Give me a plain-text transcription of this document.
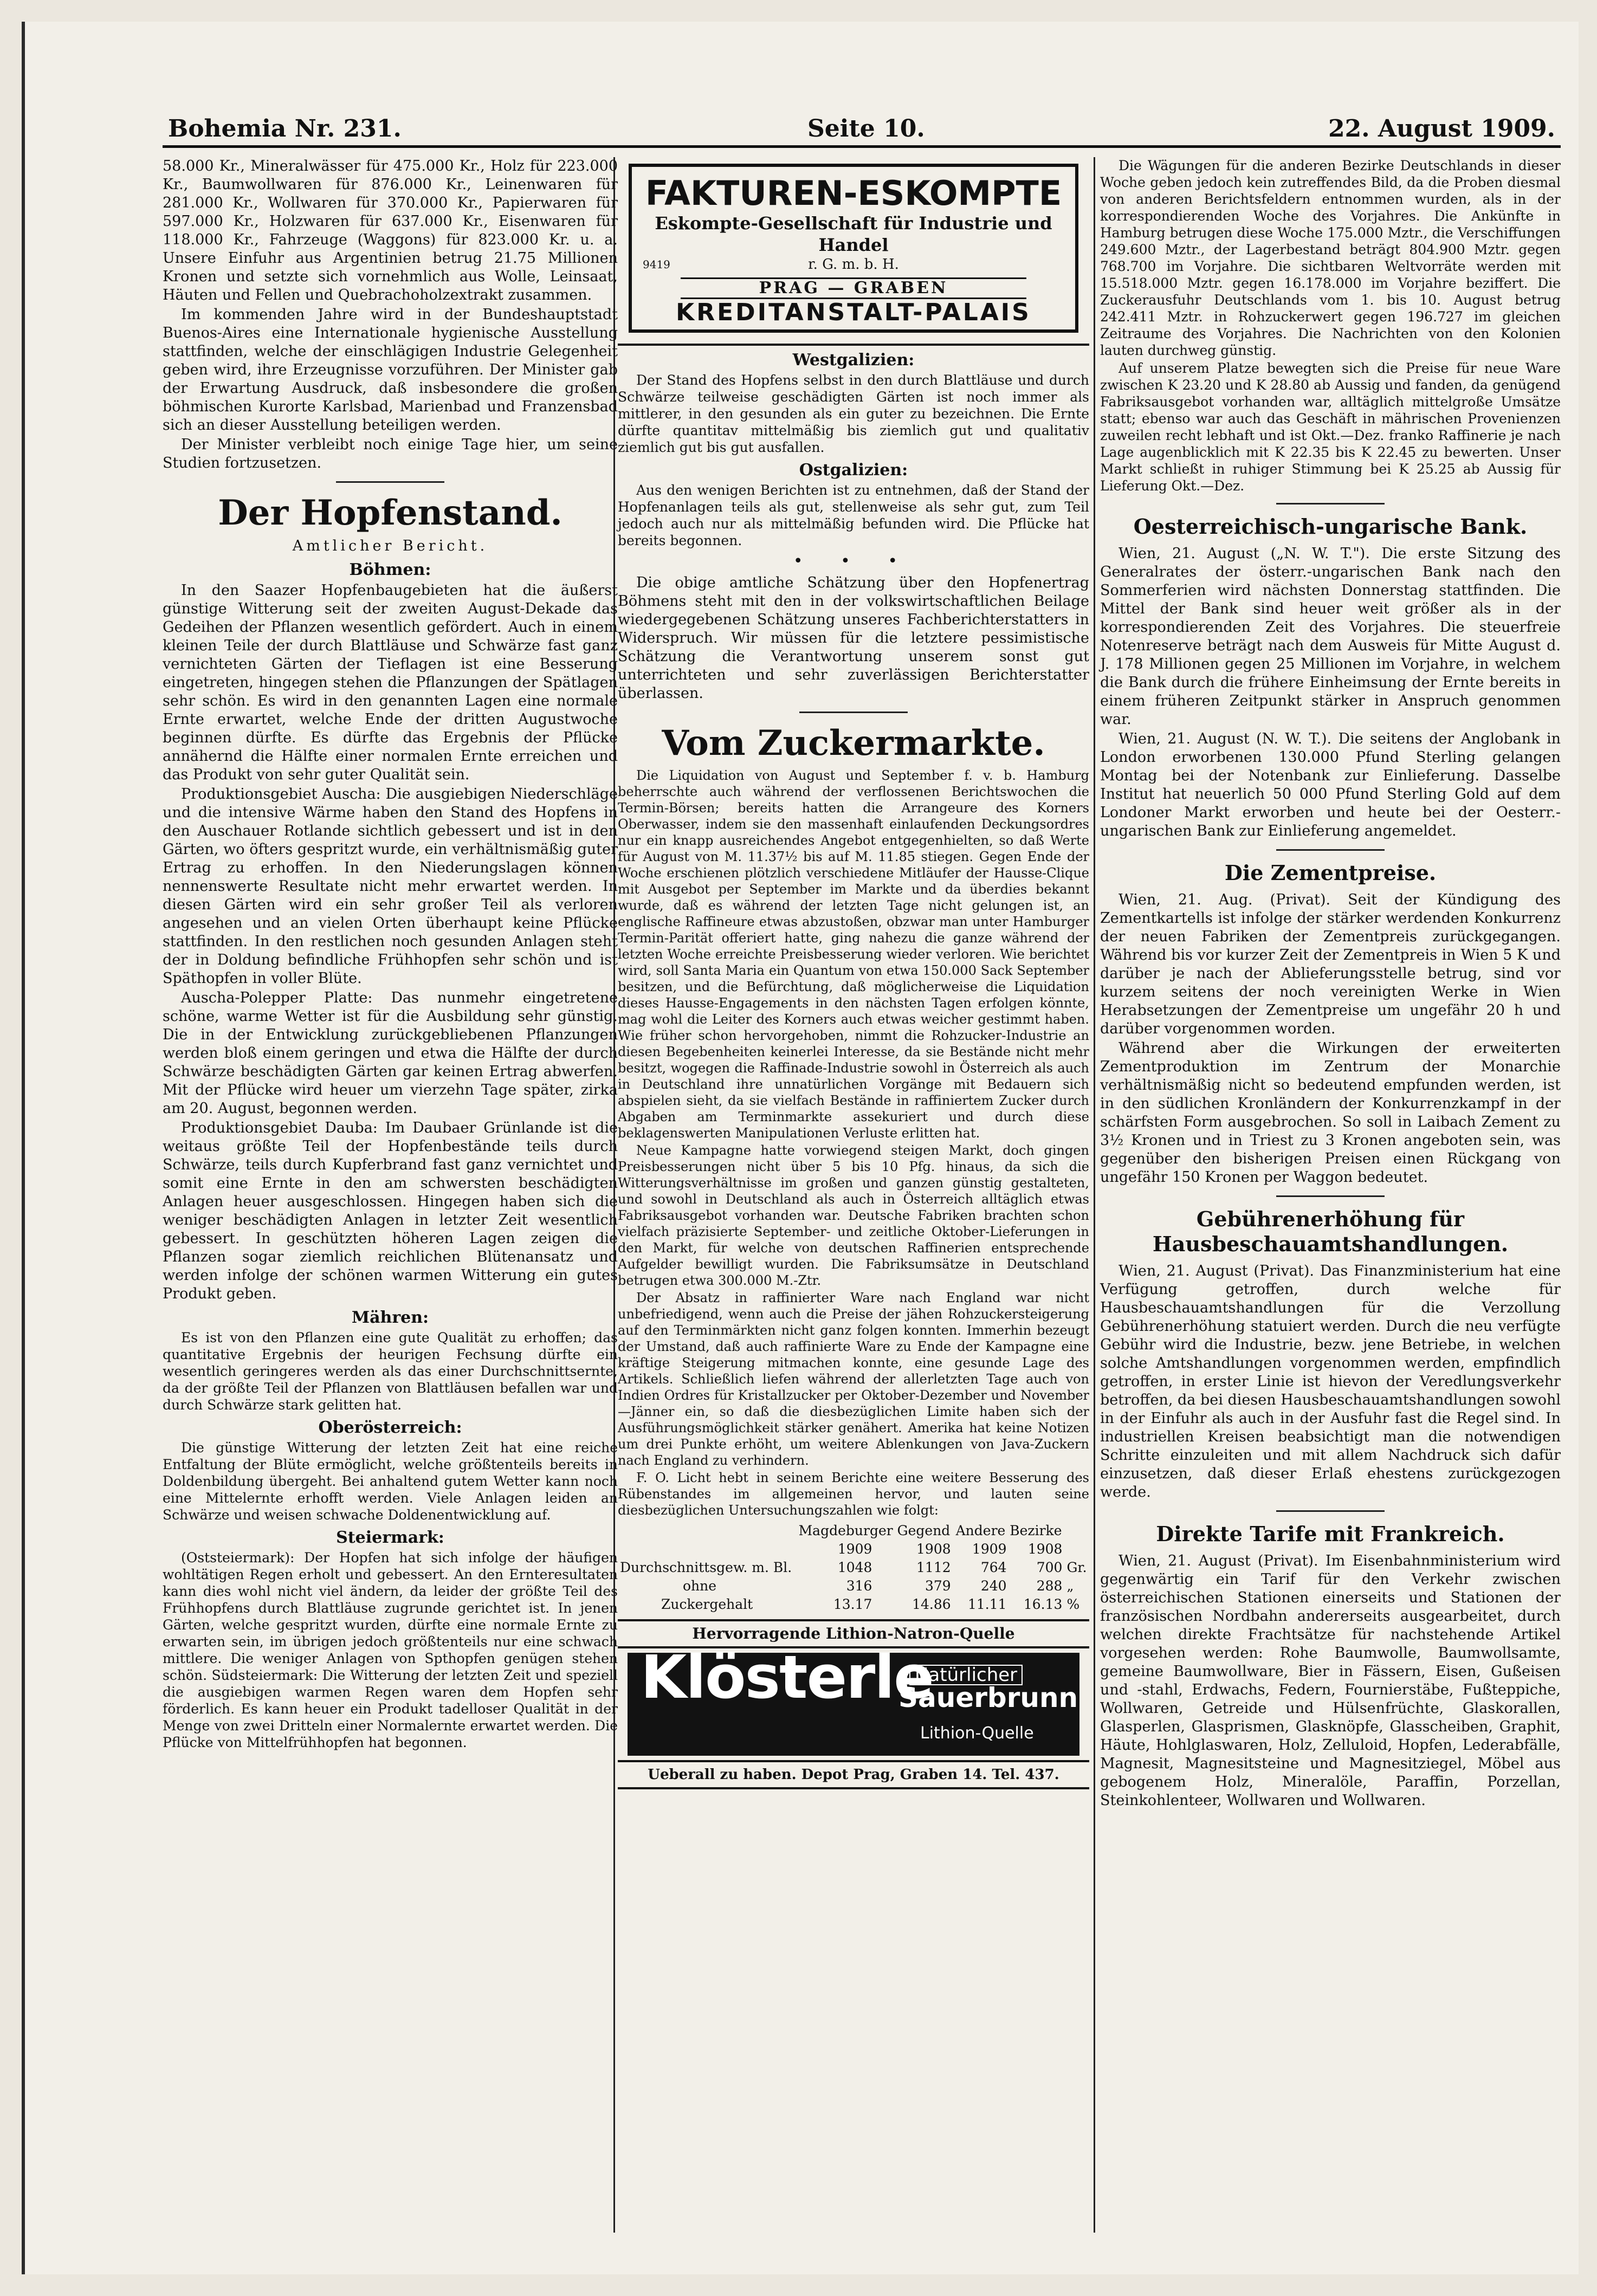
Bohemia Nr. 231.	Seite 10.	22. August 1909.

58.000 Kr., Mineralwässer für 475.000 Kr., Holz für 223.000 Kr., Baumwollwaren für 876.000 Kr., Leinenwaren für 281.000 Kr., Wollwaren für 370.000 Kr., Papierwaren für 597.000 Kr., Holzwaren für 637.000 Kr., Eisenwaren für 118.000 Kr., Fahrzeuge (Waggons) für 823.000 Kr. u. a. Unsere Einfuhr aus Argentinien betrug 21.75 Millionen Kronen und setzte sich vornehmlich aus Wolle, Leinsaat, Häuten und Fellen und Quebrachoholzextrakt zusammen.

Im kommenden Jahre wird in der Bundeshauptstadt Buenos-Aires eine Internationale hygienische Ausstellung stattfinden, welche der einschlägigen Industrie Gelegenheit geben wird, ihre Erzeugnisse vorzuführen. Der Minister gab der Erwartung Ausdruck, daß insbesondere die großen böhmischen Kurorte Karlsbad, Marienbad und Franzensbad sich an dieser Ausstellung beteiligen werden.

Der Minister verbleibt noch einige Tage hier, um seine Studien fortzusetzen.

Der Hopfenstand.
Amtlicher Bericht.
Böhmen:

In den Saazer Hopfenbaugebieten hat die äußerst günstige Witterung seit der zweiten August-Dekade das Gedeihen der Pflanzen wesentlich gefördert. Auch in einem kleinen Teile der durch Blattläuse und Schwärze fast ganz vernichteten Gärten der Tieflagen ist eine Besserung eingetreten, hingegen stehen die Pflanzungen der Spätlagen sehr schön. Es wird in den genannten Lagen eine normale Ernte erwartet, welche Ende der dritten Augustwoche beginnen dürfte. Es dürfte das Ergebnis der Pflücke annähernd die Hälfte einer normalen Ernte erreichen und das Produkt von sehr guter Qualität sein.

Produktionsgebiet Auscha: Die ausgiebigen Niederschläge und die intensive Wärme haben den Stand des Hopfens in den Auschauer Rotlande sichtlich gebessert und ist in den Gärten, wo öfters gespritzt wurde, ein verhältnismäßig guter Ertrag zu erhoffen. In den Niederungslagen können nennenswerte Resultate nicht mehr erwartet werden. In diesen Gärten wird ein sehr großer Teil als verloren angesehen und an vielen Orten überhaupt keine Pflücke stattfinden. In den restlichen noch gesunden Anlagen steht der in Doldung befindliche Frühhopfen sehr schön und ist Späthopfen in voller Blüte.

Auscha-Polepper Platte: Das nunmehr eingetretene schöne, warme Wetter ist für die Ausbildung sehr günstig. Die in der Entwicklung zurückgebliebenen Pflanzungen werden bloß einem geringen und etwa die Hälfte der durch Schwärze beschädigten Gärten gar keinen Ertrag abwerfen. Mit der Pflücke wird heuer um vierzehn Tage später, zirka am 20. August, begonnen werden.

Produktionsgebiet Dauba: Im Daubaer Grünlande ist die weitaus größte Teil der Hopfenbestände teils durch Schwärze, teils durch Kupferbrand fast ganz vernichtet und somit eine Ernte in den am schwersten beschädigten Anlagen heuer ausgeschlossen. Hingegen haben sich die weniger beschädigten Anlagen in letzter Zeit wesentlich gebessert. In geschützten höheren Lagen zeigen die Pflanzen sogar ziemlich reichlichen Blütenansatz und werden infolge der schönen warmen Witterung ein gutes Produkt geben.

Mähren:

Es ist von den Pflanzen eine gute Qualität zu erhoffen; das quantitative Ergebnis der heurigen Fechsung dürfte ein wesentlich geringeres werden als das einer Durchschnittsernte, da der größte Teil der Pflanzen von Blattläusen befallen war und durch Schwärze stark gelitten hat.

Oberösterreich:

Die günstige Witterung der letzten Zeit hat eine reiche Entfaltung der Blüte ermöglicht, welche größtenteils bereits in Doldenbildung übergeht. Bei anhaltend gutem Wetter kann noch eine Mittelernte erhofft werden. Viele Anlagen leiden an Schwärze und weisen schwache Doldenentwicklung auf.

Steiermark:

(Oststeiermark): Der Hopfen hat sich infolge der häufigen wohltätigen Regen erholt und gebessert. An den Ernteresultaten kann dies wohl nicht viel ändern, da leider der größte Teil des Frühhopfens durch Blattläuse zugrunde gerichtet ist. In jenen Gärten, welche gespritzt wurden, dürfte eine normale Ernte zu erwarten sein, im übrigen jedoch größtenteils nur eine schwach mittlere. Die weniger Anlagen von Spthopfen genügen stehen schön. Südsteiermark: Die Witterung der letzten Zeit und speziell die ausgiebigen warmen Regen waren dem Hopfen sehr förderlich. Es kann heuer ein Produkt tadelloser Qualität in der Menge von zwei Dritteln einer Normalernte erwartet werden. Die Pflücke von Mittelfrühhopfen hat begonnen.

FAKTUREN-ESKOMPTE
Eskompte-Gesellschaft für Industrie und Handel
9419	r. G. m. b. H.
PRAG — GRABEN
KREDITANSTALT-PALAIS
Westgalizien:

Der Stand des Hopfens selbst in den durch Blattläuse und durch Schwärze teilweise geschädigten Gärten ist noch immer als mittlerer, in den gesunden als ein guter zu bezeichnen. Die Ernte dürfte quantitav mittelmäßig bis ziemlich gut und qualitativ ziemlich gut bis gut ausfallen.

Ostgalizien:

Aus den wenigen Berichten ist zu entnehmen, daß der Stand der Hopfenanlagen teils als gut, stellenweise als sehr gut, zum Teil jedoch auch nur als mittelmäßig befunden wird. Die Pflücke hat bereits begonnen.

• • •

Die obige amtliche Schätzung über den Hopfenertrag Böhmens steht mit den in der volkswirtschaftlichen Beilage wiedergegebenen Schätzung unseres Fachberichterstatters in Widerspruch. Wir müssen für die letztere pessimistische Schätzung die Verantwortung unserem sonst gut unterrichteten und sehr zuverlässigen Berichterstatter überlassen.

Vom Zuckermarkte.

Die Liquidation von August und September f. v. b. Hamburg beherrschte auch während der verflossenen Berichtswochen die Termin-Börsen; bereits hatten die Arrangeure des Korners Oberwasser, indem sie den massenhaft einlaufenden Deckungsordres nur ein knapp ausreichendes Angebot entgegenhielten, so daß Werte für August von M. 11.37½ bis auf M. 11.85 stiegen. Gegen Ende der Woche erschienen plötzlich verschiedene Mitläufer der Hausse-Clique mit Ausgebot per September im Markte und da überdies bekannt wurde, daß es während der letzten Tage nicht gelungen ist, an englische Raffineure etwas abzustoßen, obzwar man unter Hamburger Termin-Parität offeriert hatte, ging nahezu die ganze während der letzten Woche erreichte Preisbesserung wieder verloren. Wie berichtet wird, soll Santa Maria ein Quantum von etwa 150.000 Sack September besitzen, und die Befürchtung, daß möglicherweise die Liquidation dieses Hausse-Engagements in den nächsten Tagen erfolgen könnte, mag wohl die Leiter des Korners auch etwas weicher gestimmt haben. Wie früher schon hervorgehoben, nimmt die Rohzucker-Industrie an diesen Begebenheiten keinerlei Interesse, da sie Bestände nicht mehr besitzt, wogegen die Raffinade-Industrie sowohl in Österreich als auch in Deutschland ihre unnatürlichen Vorgänge mit Bedauern sich abspielen sieht, da sie vielfach Bestände in raffiniertem Zucker durch Abgaben am Terminmarkte assekuriert und durch diese beklagenswerten Manipulationen Verluste erlitten hat.

Neue Kampagne hatte vorwiegend steigen Markt, doch gingen Preisbesserungen nicht über 5 bis 10 Pfg. hinaus, da sich die Witterungsverhältnisse im großen und ganzen günstig gestalteten, und sowohl in Deutschland als auch in Österreich alltäglich etwas Fabriksausgebot vorhanden war. Deutsche Fabriken brachten schon vielfach präzisierte September- und zeitliche Oktober-Lieferungen in den Markt, für welche von deutschen Raffinerien entsprechende Aufgelder bewilligt wurden. Die Fabriksumsätze in Deutschland betrugen etwa 300.000 M.-Ztr.

Der Absatz in raffinierter Ware nach England war nicht unbefriedigend, wenn auch die Preise der jähen Rohzuckersteigerung auf den Terminmärkten nicht ganz folgen konnten. Immerhin bezeugt der Umstand, daß auch raffinierte Ware zu Ende der Kampagne eine kräftige Steigerung mitmachen konnte, eine gesunde Lage des Artikels. Schließlich liefen während der allerletzten Tage auch von Indien Ordres für Kristallzucker per Oktober-Dezember und November—Jänner ein, so daß die diesbezüglichen Limite haben sich der Ausführungsmöglichkeit stärker genähert. Amerika hat keine Notizen um drei Punkte erhöht, um weitere Ablenkungen von Java-Zuckern nach England zu verhindern.

F. O. Licht hebt in seinem Berichte eine weitere Besserung des Rübenstandes im allgemeinen hervor, und lauten seine diesbezüglichen Untersuchungszahlen wie folgt:

	Magdeburger Gegend		Andere Bezirke		
	1909	1908	1909	1908	
Durchschnittsgew. m. Bl.	1048	1112	764	700	Gr.
ohne	316	379	240	288	„
Zuckergehalt	13.17	14.86	11.11	16.13	%
Hervorragende Lithion-Natron-Quelle
Klösterle
Natürlicher
Sauerbrunn
Lithion-Quelle
Ueberall zu haben. Depot Prag, Graben 14. Tel. 437.

Die Wägungen für die anderen Bezirke Deutschlands in dieser Woche geben jedoch kein zutreffendes Bild, da die Proben diesmal von anderen Berichtsfeldern entnommen wurden, als in der korrespondierenden Woche des Vorjahres. Die Ankünfte in Hamburg betrugen diese Woche 175.000 Mztr., die Verschiffungen 249.600 Mztr., der Lagerbestand beträgt 804.900 Mztr. gegen 768.700 im Vorjahre. Die sichtbaren Weltvorräte werden mit 15.518.000 Mztr. gegen 16.178.000 im Vorjahre beziffert. Die Zuckerausfuhr Deutschlands vom 1. bis 10. August betrug 242.411 Mztr. in Rohzuckerwert gegen 196.727 im gleichen Zeitraume des Vorjahres. Die Nachrichten von den Kolonien lauten durchweg günstig.

Auf unserem Platze bewegten sich die Preise für neue Ware zwischen K 23.20 und K 28.80 ab Aussig und fanden, da genügend Fabriksausgebot vorhanden war, alltäglich mittelgroße Umsätze statt; ebenso war auch das Geschäft in mährischen Provenienzen zuweilen recht lebhaft und ist Okt.—Dez. franko Raffinerie je nach Lage augenblicklich mit K 22.35 bis K 22.45 zu bewerten. Unser Markt schließt in ruhiger Stimmung bei K 25.25 ab Aussig für Lieferung Okt.—Dez.

Oesterreichisch-ungarische Bank.

Wien, 21. August („N. W. T."). Die erste Sitzung des Generalrates der österr.-ungarischen Bank nach den Sommerferien wird nächsten Donnerstag stattfinden. Die Mittel der Bank sind heuer weit größer als in der korrespondierenden Zeit des Vorjahres. Die steuerfreie Notenreserve beträgt nach dem Ausweis für Mitte August d. J. 178 Millionen gegen 25 Millionen im Vorjahre, in welchem die Bank durch die frühere Einheimsung der Ernte bereits in einem früheren Zeitpunkt stärker in Anspruch genommen war.

Wien, 21. August (N. W. T.). Die seitens der Anglobank in London erworbenen 130.000 Pfund Sterling gelangen Montag bei der Notenbank zur Einlieferung. Dasselbe Institut hat neuerlich 50 000 Pfund Sterling Gold auf dem Londoner Markt erworben und heute bei der Oesterr.-ungarischen Bank zur Einlieferung angemeldet.

Die Zementpreise.

Wien, 21. Aug. (Privat). Seit der Kündigung des Zementkartells ist infolge der stärker werdenden Konkurrenz der neuen Fabriken der Zementpreis zurückgegangen. Während bis vor kurzer Zeit der Zementpreis in Wien 5 K und darüber je nach der Ablieferungsstelle betrug, sind vor kurzem seitens der noch vereinigten Werke in Wien Herabsetzungen der Zementpreise um ungefähr 20 h und darüber vorgenommen worden.

Während aber die Wirkungen der erweiterten Zementproduktion im Zentrum der Monarchie verhältnismäßig nicht so bedeutend empfunden werden, ist in den südlichen Kronländern der Konkurrenzkampf in der schärfsten Form ausgebrochen. So soll in Laibach Zement zu 3½ Kronen und in Triest zu 3 Kronen angeboten sein, was gegenüber den bisherigen Preisen einen Rückgang von ungefähr 150 Kronen per Waggon bedeutet.

Gebührenerhöhung für Hausbeschauamtshandlungen.

Wien, 21. August (Privat). Das Finanzministerium hat eine Verfügung getroffen, durch welche für Hausbeschauamtshandlungen für die Verzollung Gebührenerhöhung statuiert werden. Durch die neu verfügte Gebühr wird die Industrie, bezw. jene Betriebe, in welchen solche Amtshandlungen vorgenommen werden, empfindlich getroffen, in erster Linie ist hievon der Veredlungsverkehr betroffen, da bei diesen Hausbeschauamtshandlungen sowohl in der Einfuhr als auch in der Ausfuhr fast die Regel sind. In industriellen Kreisen beabsichtigt man die notwendigen Schritte einzuleiten und mit allem Nachdruck sich dafür einzusetzen, daß dieser Erlaß ehestens zurückgezogen werde.

Direkte Tarife mit Frankreich.

Wien, 21. August (Privat). Im Eisenbahnministerium wird gegenwärtig ein Tarif für den Verkehr zwischen österreichischen Stationen einerseits und Stationen der französischen Nordbahn andererseits ausgearbeitet, durch welchen direkte Frachtsätze für nachstehende Artikel vorgesehen werden: Rohe Baumwolle, Baumwollsamte, gemeine Baumwollware, Bier in Fässern, Eisen, Gußeisen und -stahl, Erdwachs, Federn, Fournierstäbe, Fußteppiche, Wollwaren, Getreide und Hülsenfrüchte, Glaskorallen, Glasperlen, Glasprismen, Glasknöpfe, Glasscheiben, Graphit, Häute, Hohlglaswaren, Holz, Zelluloid, Hopfen, Lederabfälle, Magnesit, Magnesitsteine und Magnesitziegel, Möbel aus gebogenem Holz, Mineralöle, Paraffin, Porzellan, Steinkohlenteer, Wollwaren und Wollwaren.
